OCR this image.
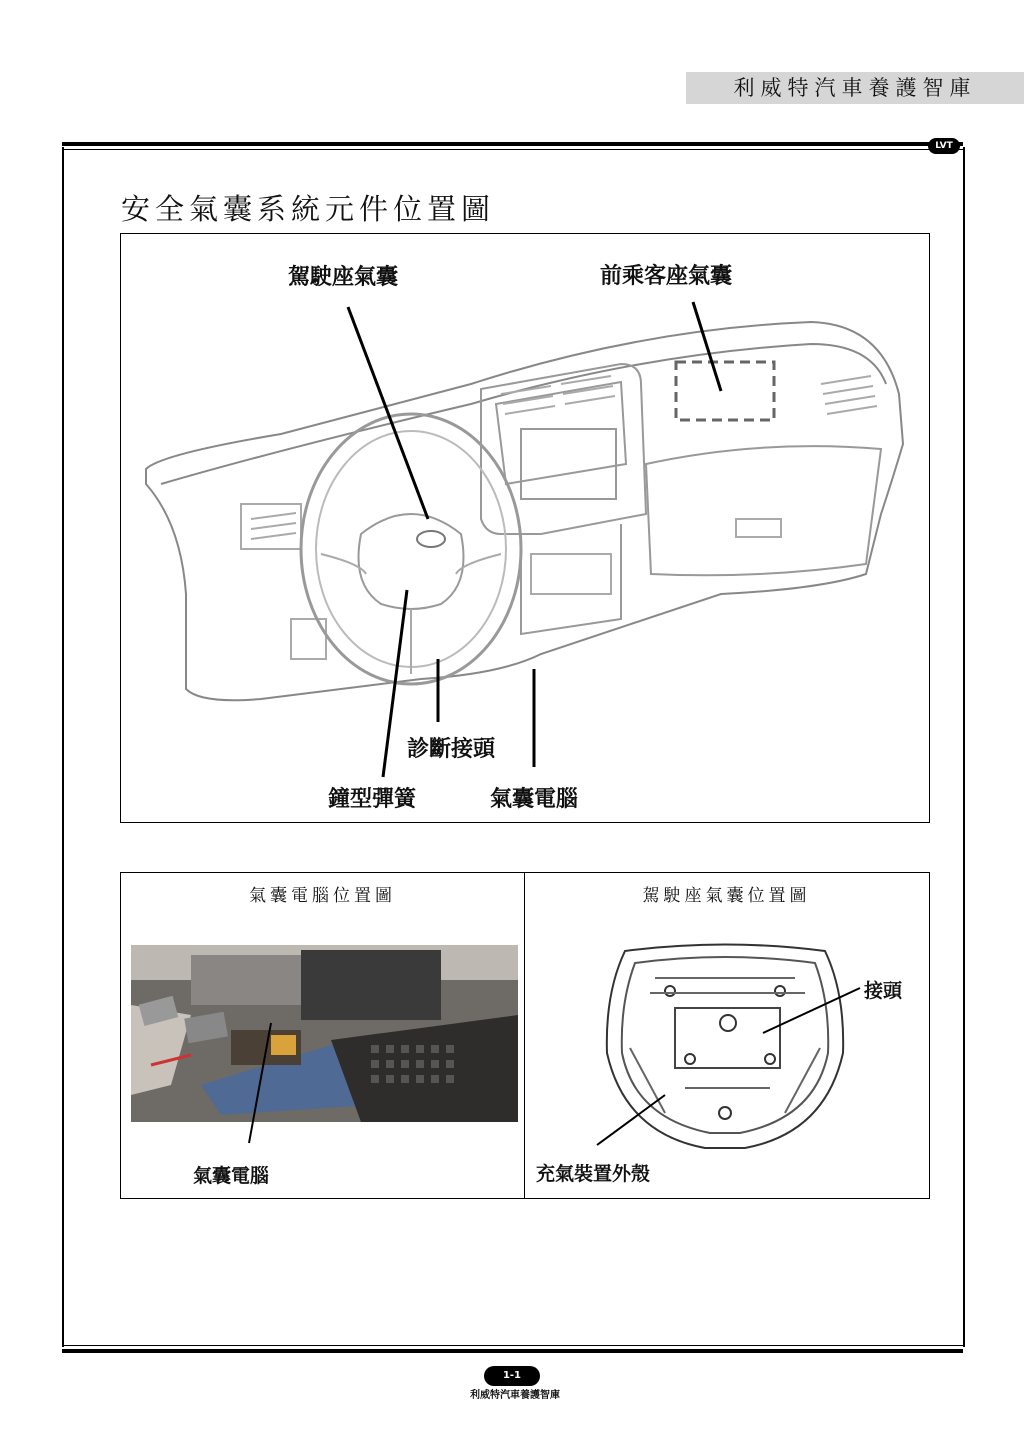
利威特汽車養護智庫
LVT
安全氣囊系統元件位置圖
駕駛座氣囊	前乘客座氣囊
診斷接頭
鐘型彈簧	氣囊電腦
氣囊電腦位置圖
氣囊電腦
駕駛座氣囊位置圖
接頭
充氣裝置外殼
1-1
利威特汽車養護智庫
